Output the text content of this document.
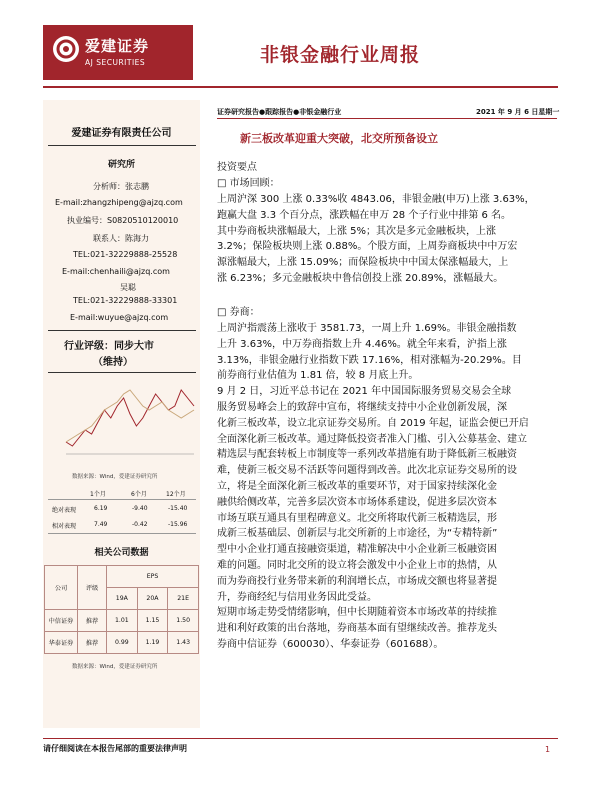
爱建证券
AJ SECURITIES	非银金融行业周报
爱建证券有限责任公司
研究所
分析师：张志鹏
E-mail:zhangzhipeng@ajzq.com
执业编号：S0820510120010
联系人：陈海力
TEL:021-32229888-25528
E-mail:chenhaili@ajzq.com
吴聪
TEL:021-32229888-33301
E-mail:wuyue@ajzq.com
行业评级：同步大市
（维持）
数据来源：Wind，爱建证券研究所
1个月	6个月	12个月
绝对表现	6.19	-9.40	-15.40
相对表现	7.49	-0.42	-15.96
相关公司数据
公司	评级	EPS		
		19A	20A	21E
中信证券	推荐	1.01	1.15	1.50
华泰证券	推荐	0.99	1.19	1.43
数据来源：Wind，爱建证券研究所
证券研究报告●跟踪报告●非银金融行业	2021 年 9 月 6 日星期一
新三板改革迎重大突破，北交所预备设立
投资要点
□ 市场回顾：
上周沪深 300 上涨 0.33%收 4843.06，非银金融(申万)上涨 3.63%，
跑赢大盘 3.3 个百分点，涨跌幅在申万 28 个子行业中排第 6 名。
其中券商板块涨幅最大，上涨 5%；其次是多元金融板块，上涨
3.2%；保险板块则上涨 0.88%。个股方面，上周券商板块中中万宏
源涨幅最大，上涨 15.09%；而保险板块中中国太保涨幅最大，上
涨 6.23%；多元金融板块中鲁信创投上涨 20.89%，涨幅最大。
□ 券商：
上周沪指震荡上涨收于 3581.73，一周上升 1.69%。非银金融指数
上升 3.63%，中万券商指数上升 4.46%。就全年来看，沪指上涨
3.13%，非银金融行业指数下跌 17.16%，相对涨幅为-20.29%。目
前券商行业估值为 1.81 倍，较 8 月底上升。
9 月 2 日，习近平总书记在 2021 年中国国际服务贸易交易会全球
服务贸易峰会上的致辞中宣布，将继续支持中小企业创新发展，深
化新三板改革，设立北京证券交易所。自 2019 年起，证监会便已开启
全面深化新三板改革。通过降低投资者准入门槛、引入公募基金、建立
精选层与配套转板上市制度等一系列改革措施有助于降低新三板融资
难，使新三板交易不活跃等问题得到改善。此次北京证券交易所的设
立，将是全面深化新三板改革的重要环节，对于国家持续深化金
融供给侧改革，完善多层次资本市场体系建设，促进多层次资本
市场互联互通具有里程碑意义。北交所将取代新三板精选层，形
成新三板基础层、创新层与北交所新的上市途径，为“专精特新”
型中小企业打通直接融资渠道，精准解决中小企业新三板融资困
难的问题。同时北交所的设立将会激发中小企业上市的热情，从
而为券商投行业务带来新的利润增长点，市场成交额也将显著提
升，券商经纪与信用业务因此受益。
短期市场走势受情绪影响，但中长期随着资本市场改革的持续推
进和利好政策的出台落地，券商基本面有望继续改善。推荐龙头
券商中信证券（600030）、华泰证券（601688）。
请仔细阅读在本报告尾部的重要法律声明	1
